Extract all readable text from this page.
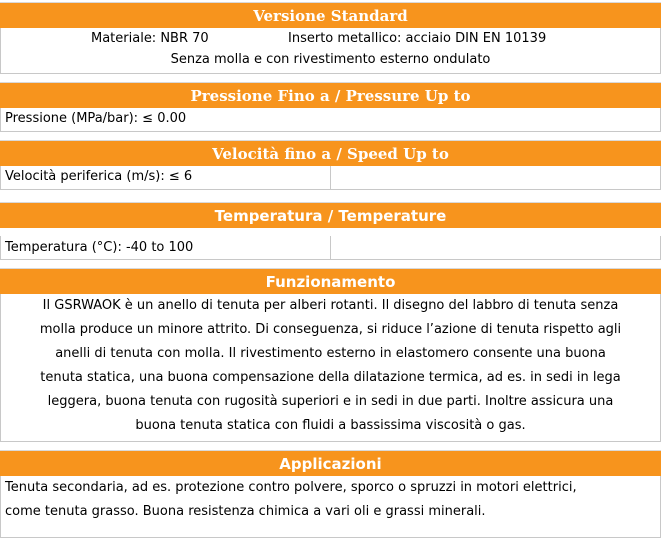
Versione Standard
Materiale: NBR 70	Inserto metallico: acciaio DIN EN 10139
Senza molla e con rivestimento esterno ondulato
Pressione Fino a / Pressure Up to
Pressione (MPa/bar): ≤ 0.00
Velocità fino a / Speed Up to
Velocità periferica (m/s): ≤ 6
Temperatura / Temperature
Temperatura (°C): -40 to 100
Funzionamento
Il GSRWAOK è un anello di tenuta per alberi rotanti. Il disegno del labbro di tenuta senza
molla produce un minore attrito. Di conseguenza, si riduce l’azione di tenuta rispetto agli
anelli di tenuta con molla. Il rivestimento esterno in elastomero consente una buona
tenuta statica, una buona compensazione della dilatazione termica, ad es. in sedi in lega
leggera, buona tenuta con rugosità superiori e in sedi in due parti. Inoltre assicura una
buona tenuta statica con fluidi a bassissima viscosità o gas.
Applicazioni
Tenuta secondaria, ad es. protezione contro polvere, sporco o spruzzi in motori elettrici,
come tenuta grasso. Buona resistenza chimica a vari oli e grassi minerali.
